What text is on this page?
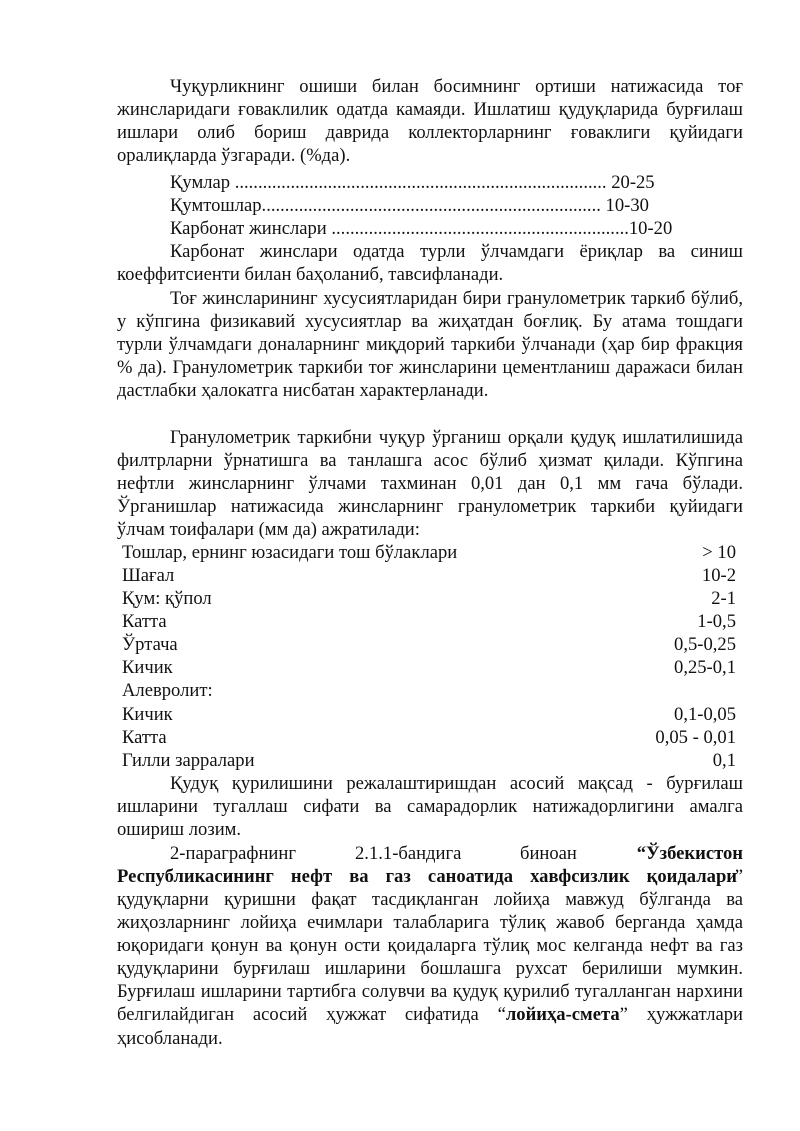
Чуқурликнинг ошиши билан босимнинг ортиши натижасида тоғ жинсларидаги ғоваклилик одатда камаяди. Ишлатиш қудуқларида бурғилаш ишлари олиб бориш даврида коллекторларнинг ғоваклиги қуйидаги оралиқларда ўзгаради. (%да).

Қумлар ................................................................................ 20-25
Қумтошлар......................................................................... 10-30
Карбонат жинслари ................................................................10-20

Карбонат жинслари одатда турли ўлчамдаги ёриқлар ва синиш коеффитсиенти билан баҳоланиб, тавсифланади.

Тоғ жинсларининг хусусиятларидан бири гранулометрик таркиб бўлиб, у кўпгина физикавий хусусиятлар ва жиҳатдан боғлиқ. Бу атама тошдаги турли ўлчамдаги доналарнинг миқдорий таркиби ўлчанади (ҳар бир фракция % да). Гранулометрик таркиби тоғ жинсларини цементланиш даражаси билан дастлабки ҳалокатга нисбатан характерланади.

Гранулометрик таркибни чуқур ўрганиш орқали қудуқ ишлатилишида филтрларни ўрнатишга ва танлашга асос бўлиб ҳизмат қилади. Кўпгина нефтли жинсларнинг ўлчами тахминан 0,01 дан 0,1 мм гача бўлади. Ўрганишлар натижасида жинсларнинг гранулометрик таркиби қуйидаги ўлчам тоифалари (мм да) ажратилади:

Тошлар, ернинг юзасидаги тош бўлаклари	> 10
Шағал	10-2
Қум: қўпол	2-1
Катта	1-0,5
Ўртача	0,5-0,25
Кичик	0,25-0,1
Алевролит:
Кичик	0,1-0,05
Катта	0,05 - 0,01
Гилли зарралари	0,1

Қудуқ қурилишини режалаштиришдан асосий мақсад - бурғилаш ишларини тугаллаш сифати ва самарадорлик натижадорлигини амалга ошириш лозим.

2-параграфнинг	2.1.1-бандига	биноан	“Ўзбекистон
Республикасининг нефт ва газ саноатида хавфсизлик қоидалари
”

қудуқларни қуришни фақат тасдиқланган лойиҳа мавжуд бўлганда ва жиҳозларнинг лойиҳа ечимлари талабларига тўлиқ жавоб берганда ҳамда юқоридаги қонун ва қонун ости қоидаларга тўлиқ мос келганда нефт ва газ қудуқларини бурғилаш ишларини бошлашга рухсат берилиши мумкин. Бурғилаш ишларини тартибга солувчи ва қудуқ қурилиб тугалланган нархини белгилайдиган асосий ҳужжат сифатида “лойиҳа-смета” ҳужжатлари ҳисобланади.
